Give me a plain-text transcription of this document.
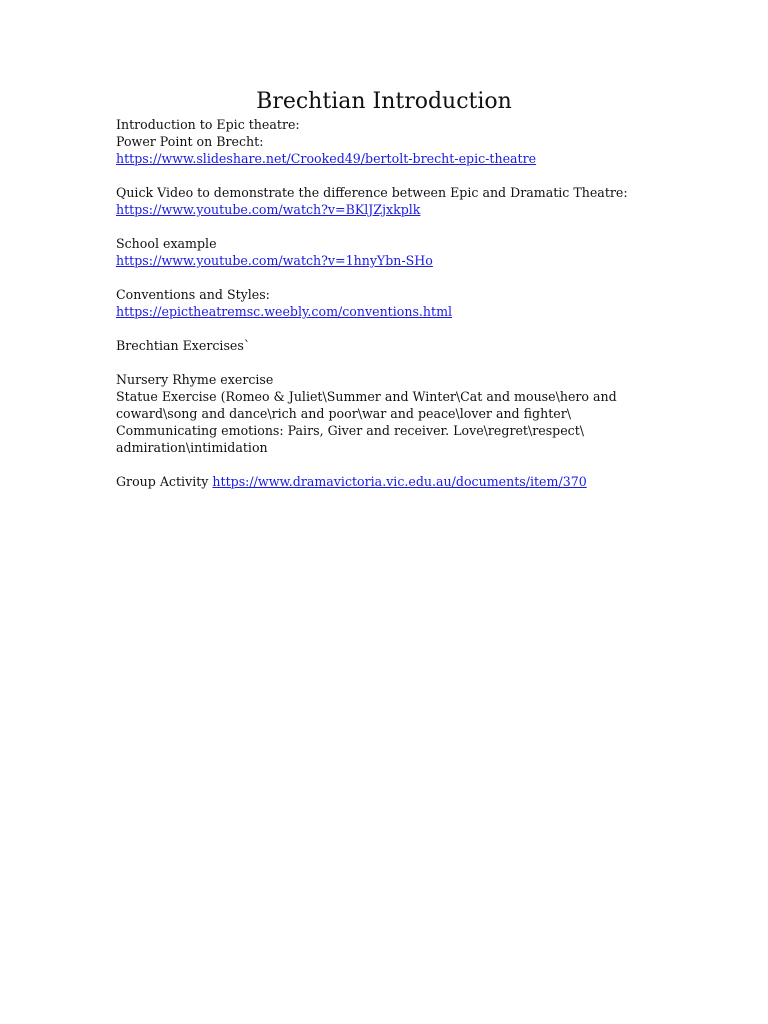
Brechtian Introduction
Introduction to Epic theatre:
Power Point on Brecht:
https://www.slideshare.net/Crooked49/bertolt-brecht-epic-theatre
Quick Video to demonstrate the difference between Epic and Dramatic Theatre:
https://www.youtube.com/watch?v=BKlJZjxkplk
School example
https://www.youtube.com/watch?v=1hnyYbn-SHo
Conventions and Styles:
https://epictheatremsc.weebly.com/conventions.html
Brechtian Exercises`
Nursery Rhyme exercise
Statue Exercise (Romeo & Juliet\Summer and Winter\Cat and mouse\hero and
coward\song and dance\rich and poor\war and peace\lover and fighter\
Communicating emotions: Pairs, Giver and receiver. Love\regret\respect\
admiration\intimidation
Group Activity https://www.dramavictoria.vic.edu.au/documents/item/370
